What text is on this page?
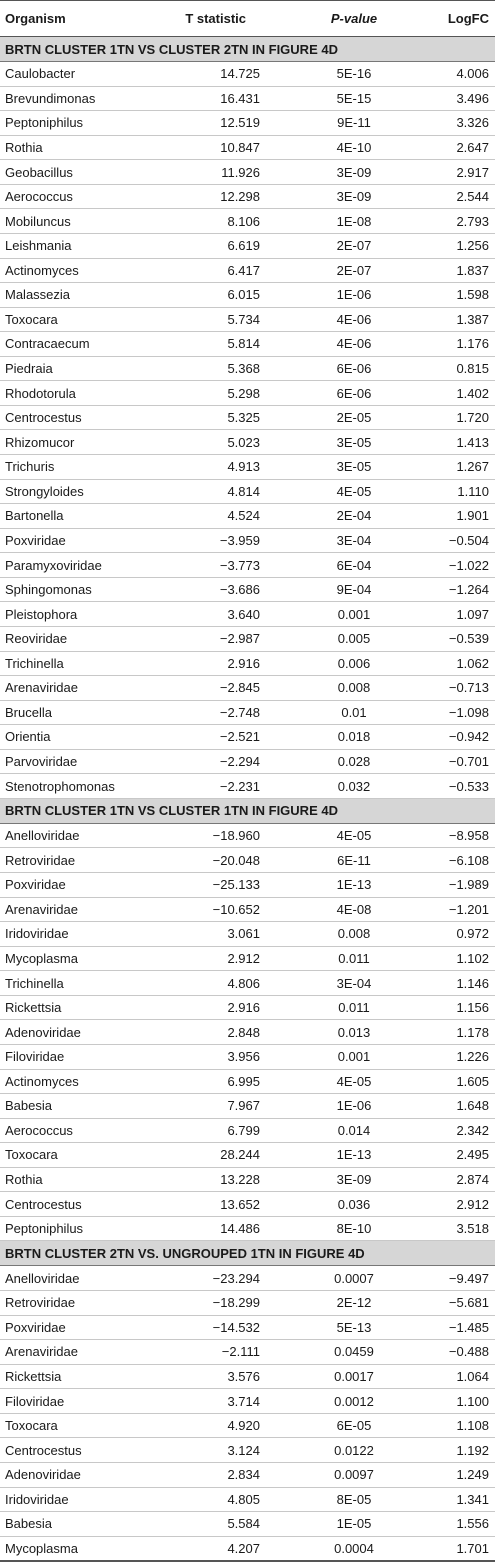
Organism	T statistic	P-value	LogFC
BRTN CLUSTER 1TN VS CLUSTER 2TN IN FIGURE 4D			
Caulobacter	14.725	5E-16	4.006
Brevundimonas	16.431	5E-15	3.496
Peptoniphilus	12.519	9E-11	3.326
Rothia	10.847	4E-10	2.647
Geobacillus	11.926	3E-09	2.917
Aerococcus	12.298	3E-09	2.544
Mobiluncus	8.106	1E-08	2.793
Leishmania	6.619	2E-07	1.256
Actinomyces	6.417	2E-07	1.837
Malassezia	6.015	1E-06	1.598
Toxocara	5.734	4E-06	1.387
Contracaecum	5.814	4E-06	1.176
Piedraia	5.368	6E-06	0.815
Rhodotorula	5.298	6E-06	1.402
Centrocestus	5.325	2E-05	1.720
Rhizomucor	5.023	3E-05	1.413
Trichuris	4.913	3E-05	1.267
Strongyloides	4.814	4E-05	1.110
Bartonella	4.524	2E-04	1.901
Poxviridae	−3.959	3E-04	−0.504
Paramyxoviridae	−3.773	6E-04	−1.022
Sphingomonas	−3.686	9E-04	−1.264
Pleistophora	3.640	0.001	1.097
Reoviridae	−2.987	0.005	−0.539
Trichinella	2.916	0.006	1.062
Arenaviridae	−2.845	0.008	−0.713
Brucella	−2.748	0.01	−1.098
Orientia	−2.521	0.018	−0.942
Parvoviridae	−2.294	0.028	−0.701
Stenotrophomonas	−2.231	0.032	−0.533
BRTN CLUSTER 1TN VS CLUSTER 1TN IN FIGURE 4D			
Anelloviridae	−18.960	4E-05	−8.958
Retroviridae	−20.048	6E-11	−6.108
Poxviridae	−25.133	1E-13	−1.989
Arenaviridae	−10.652	4E-08	−1.201
Iridoviridae	3.061	0.008	0.972
Mycoplasma	2.912	0.011	1.102
Trichinella	4.806	3E-04	1.146
Rickettsia	2.916	0.011	1.156
Adenoviridae	2.848	0.013	1.178
Filoviridae	3.956	0.001	1.226
Actinomyces	6.995	4E-05	1.605
Babesia	7.967	1E-06	1.648
Aerococcus	6.799	0.014	2.342
Toxocara	28.244	1E-13	2.495
Rothia	13.228	3E-09	2.874
Centrocestus	13.652	0.036	2.912
Peptoniphilus	14.486	8E-10	3.518
BRTN CLUSTER 2TN VS. UNGROUPED 1TN IN FIGURE 4D			
Anelloviridae	−23.294	0.0007	−9.497
Retroviridae	−18.299	2E-12	−5.681
Poxviridae	−14.532	5E-13	−1.485
Arenaviridae	−2.111	0.0459	−0.488
Rickettsia	3.576	0.0017	1.064
Filoviridae	3.714	0.0012	1.100
Toxocara	4.920	6E-05	1.108
Centrocestus	3.124	0.0122	1.192
Adenoviridae	2.834	0.0097	1.249
Iridoviridae	4.805	8E-05	1.341
Babesia	5.584	1E-05	1.556
Mycoplasma	4.207	0.0004	1.701
